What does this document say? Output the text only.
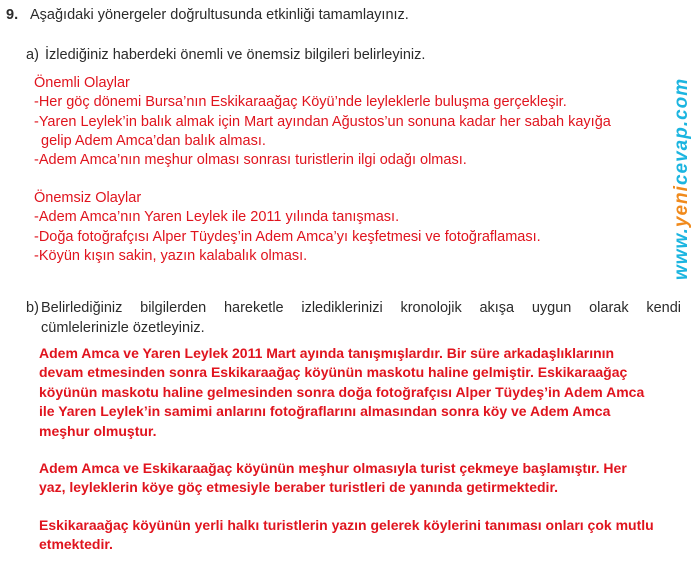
9. Aşağıdaki yönergeler doğrultusunda etkinliği tamamlayınız.
a) İzlediğiniz haberdeki önemli ve önemsiz bilgileri belirleyiniz.
Önemli Olaylar
-Her göç dönemi Bursa’nın Eskikaraağaç Köyü’nde leyleklerle buluşma gerçekleşir.
-Yaren Leylek’in balık almak için Mart ayından Ağustos’un sonuna kadar her sabah kayığa
gelip Adem Amca’dan balık alması.
-Adem Amca’nın meşhur olması sonrası turistlerin ilgi odağı olması.
Önemsiz Olaylar
-Adem Amca’nın Yaren Leylek ile 2011 yılında tanışması.
-Doğa fotoğrafçısı Alper Tüydeş’in Adem Amca’yı keşfetmesi ve fotoğraflaması.
-Köyün kışın sakin, yazın kalabalık olması.
b) Belirlediğiniz bilgilerden hareketle izlediklerinizi kronolojik akışa uygun olarak kendi
cümlelerinizle özetleyiniz.
Adem Amca ve Yaren Leylek 2011 Mart ayında tanışmışlardır. Bir süre arkadaşlıklarının
devam etmesinden sonra Eskikaraağaç köyünün maskotu haline gelmiştir. Eskikaraağaç
köyünün maskotu haline gelmesinden sonra doğa fotoğrafçısı Alper Tüydeş’in Adem Amca
ile Yaren Leylek’in samimi anlarını fotoğraflarını almasından sonra köy ve Adem Amca
meşhur olmuştur.
Adem Amca ve Eskikaraağaç köyünün meşhur olmasıyla turist çekmeye başlamıştır. Her
yaz, leyleklerin köye göç etmesiyle beraber turistleri de yanında getirmektedir.
Eskikaraağaç köyünün yerli halkı turistlerin yazın gelerek köylerini tanıması onları çok mutlu
etmektedir.
www.yenicevap.com
